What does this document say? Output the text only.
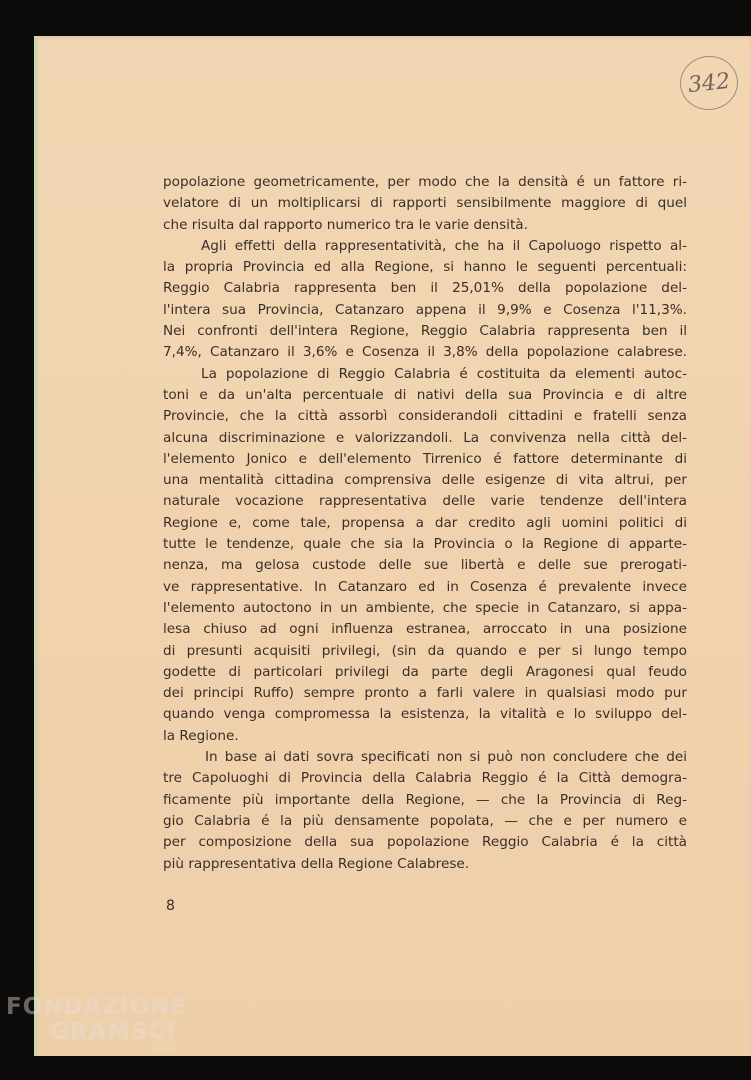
342
popolazione geometricamente, per modo che la densità é un fattore ri-
velatore di un moltiplicarsi di rapporti sensibilmente maggiore di quel
che risulta dal rapporto numerico tra le varie densità.
Agli effetti della rappresentatività, che ha il Capoluogo rispetto al-
la propria Provincia ed alla Regione, si hanno le seguenti percentuali:
Reggio Calabria rappresenta ben il 25,01% della popolazione del-
l'intera sua Provincia, Catanzaro appena il 9,9% e Cosenza l'11,3%.
Nei confronti dell'intera Regione, Reggio Calabria rappresenta ben il
7,4%, Catanzaro il 3,6% e Cosenza il 3,8% della popolazione calabrese.
La popolazione di Reggio Calabria é costituita da elementi autoc-
toni e da un'alta percentuale di nativi della sua Provincia e di altre
Provincie, che la città assorbì considerandoli cittadini e fratelli senza
alcuna discriminazione e valorizzandoli. La convivenza nella città del-
l'elemento Jonico e dell'elemento Tirrenico é fattore determinante di
una mentalità cittadina comprensiva delle esigenze di vita altrui, per
naturale vocazione rappresentativa delle varie tendenze dell'intera
Regione e, come tale, propensa a dar credito agli uomini politici di
tutte le tendenze, quale che sia la Provincia o la Regione di apparte-
nenza, ma gelosa custode delle sue libertà e delle sue prerogati-
ve rappresentative. In Catanzaro ed in Cosenza é prevalente invece
l'elemento autoctono in un ambiente, che specie in Catanzaro, si appa-
lesa chiuso ad ogni influenza estranea, arroccato in una posizione
di presunti acquisiti privilegi, (sin da quando e per si lungo tempo
godette di particolari privilegi da parte degli Aragonesi qual feudo
dei principi Ruffo) sempre pronto a farli valere in qualsiasi modo pur
quando venga compromessa la esistenza, la vitalità e lo sviluppo del-
la Regione.
In base ai dati sovra specificati non si può non concludere che dei
tre Capoluoghi di Provincia della Calabria Reggio é la Città demogra-
ficamente più importante della Regione, — che la Provincia di Reg-
gio Calabria é la più densamente popolata, — che e per numero e
per composizione della sua popolazione Reggio Calabria é la città
più rappresentativa della Regione Calabrese.
8
FONDAZIONE
GRAMSCI
onlus
